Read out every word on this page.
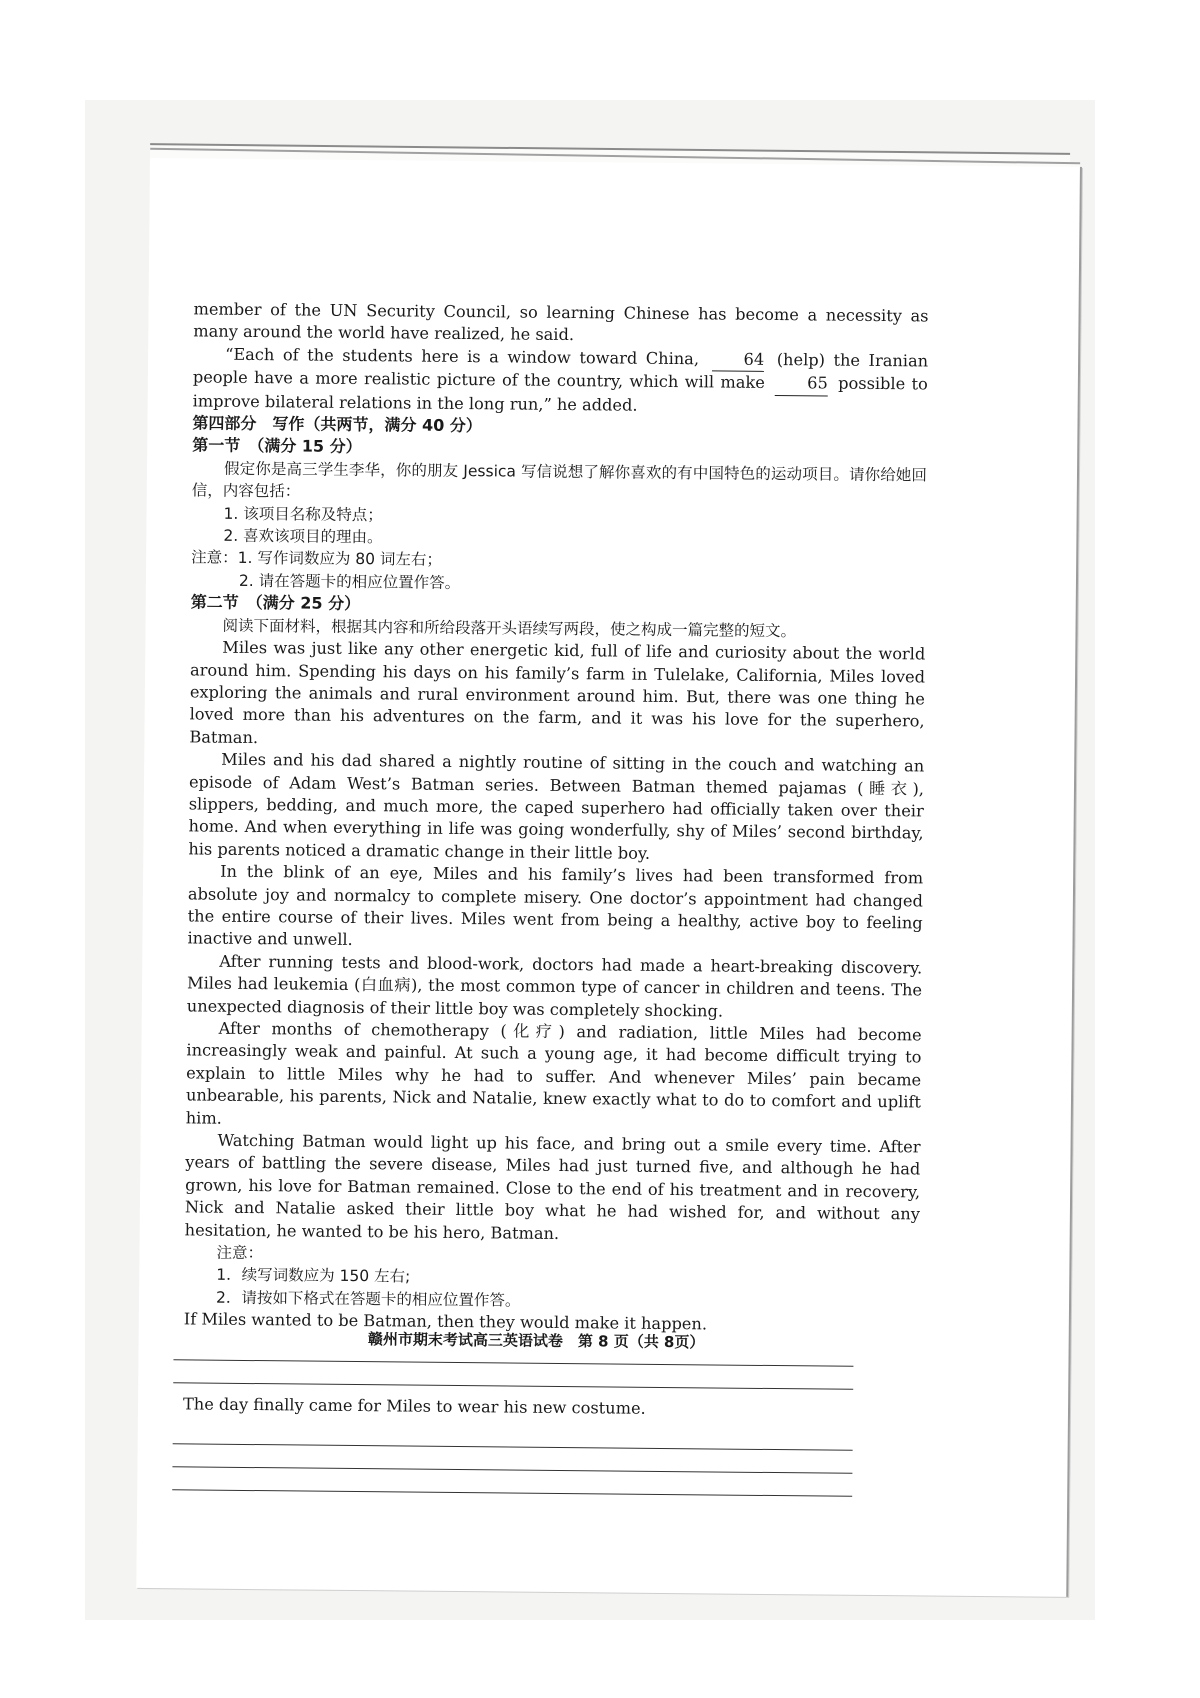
member of the UN Security Council, so learning Chinese has become a necessity as many around the world have realized, he said.

“Each of the students here is a window toward China,	64 (help) the Iranian people have a more realistic picture of the country, which will make	65 possible to improve bilateral relations in the long run,” he added.

第四部分　写作（共两节，满分 40 分）

第一节　（满分 15 分）

假定你是高三学生李华，你的朋友 Jessica 写信说想了解你喜欢的有中国特色的运动项目。请你给她回信，内容包括：

1. 该项目名称及特点；

2. 喜欢该项目的理由。

注意：1. 写作词数应为 80 词左右；

2. 请在答题卡的相应位置作答。

第二节　（满分 25 分）

阅读下面材料，根据其内容和所给段落开头语续写两段，使之构成一篇完整的短文。

Miles was just like any other energetic kid, full of life and curiosity about the world around him. Spending his days on his family’s farm in Tulelake, California, Miles loved exploring the animals and rural environment around him. But, there was one thing he loved more than his adventures on the farm, and it was his love for the superhero, Batman.

Miles and his dad shared a nightly routine of sitting in the couch and watching an episode of Adam West’s Batman series. Between Batman themed pajamas (睡衣), slippers, bedding, and much more, the caped superhero had officially taken over their home. And when everything in life was going wonderfully, shy of Miles’ second birthday, his parents noticed a dramatic change in their little boy.

In the blink of an eye, Miles and his family’s lives had been transformed from absolute joy and normalcy to complete misery. One doctor’s appointment had changed the entire course of their lives. Miles went from being a healthy, active boy to feeling inactive and unwell.

After running tests and blood-work, doctors had made a heart-breaking discovery. Miles had leukemia (白血病), the most common type of cancer in children and teens. The unexpected diagnosis of their little boy was completely shocking.

After months of chemotherapy (化疗) and radiation, little Miles had become increasingly weak and painful. At such a young age, it had become difficult trying to explain to little Miles why he had to suffer. And whenever Miles’ pain became unbearable, his parents, Nick and Natalie, knew exactly what to do to comfort and uplift him.

Watching Batman would light up his face, and bring out a smile every time. After years of battling the severe disease, Miles had just turned five, and although he had grown, his love for Batman remained. Close to the end of his treatment and in recovery, Nick and Natalie asked their little boy what he had wished for, and without any hesitation, he wanted to be his hero, Batman.

注意：

1．续写词数应为 150 左右;

2．请按如下格式在答题卡的相应位置作答。

If Miles wanted to be Batman, then they would make it happen.

The day finally came for Miles to wear his new costume.

赣州市期末考试高三英语试卷　第 8 页（共 8页）
